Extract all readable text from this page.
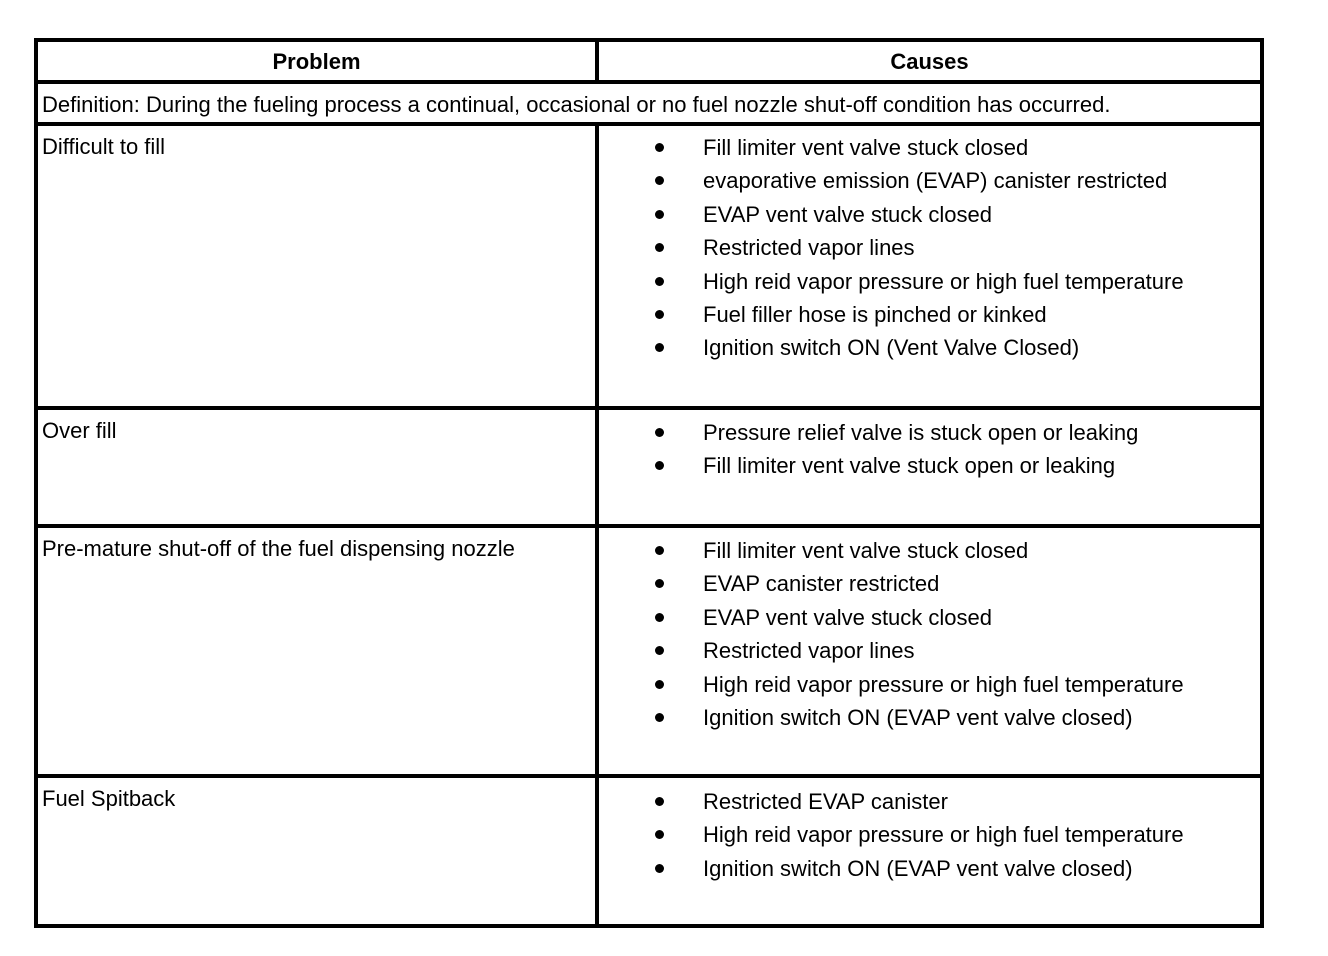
Problem	Causes
Definition: During the fueling process a continual, occasional or no fuel nozzle shut-off condition has occurred.
Difficult to fill	Fill limiter vent valve stuck closed
evaporative emission (EVAP) canister restricted
EVAP vent valve stuck closed
Restricted vapor lines
High reid vapor pressure or high fuel temperature
Fuel filler hose is pinched or kinked
Ignition switch ON (Vent Valve Closed)
Over fill	Pressure relief valve is stuck open or leaking
Fill limiter vent valve stuck open or leaking
Pre-mature shut-off of the fuel dispensing nozzle	Fill limiter vent valve stuck closed
EVAP canister restricted
EVAP vent valve stuck closed
Restricted vapor lines
High reid vapor pressure or high fuel temperature
Ignition switch ON (EVAP vent valve closed)
Fuel Spitback	Restricted EVAP canister
High reid vapor pressure or high fuel temperature
Ignition switch ON (EVAP vent valve closed)
